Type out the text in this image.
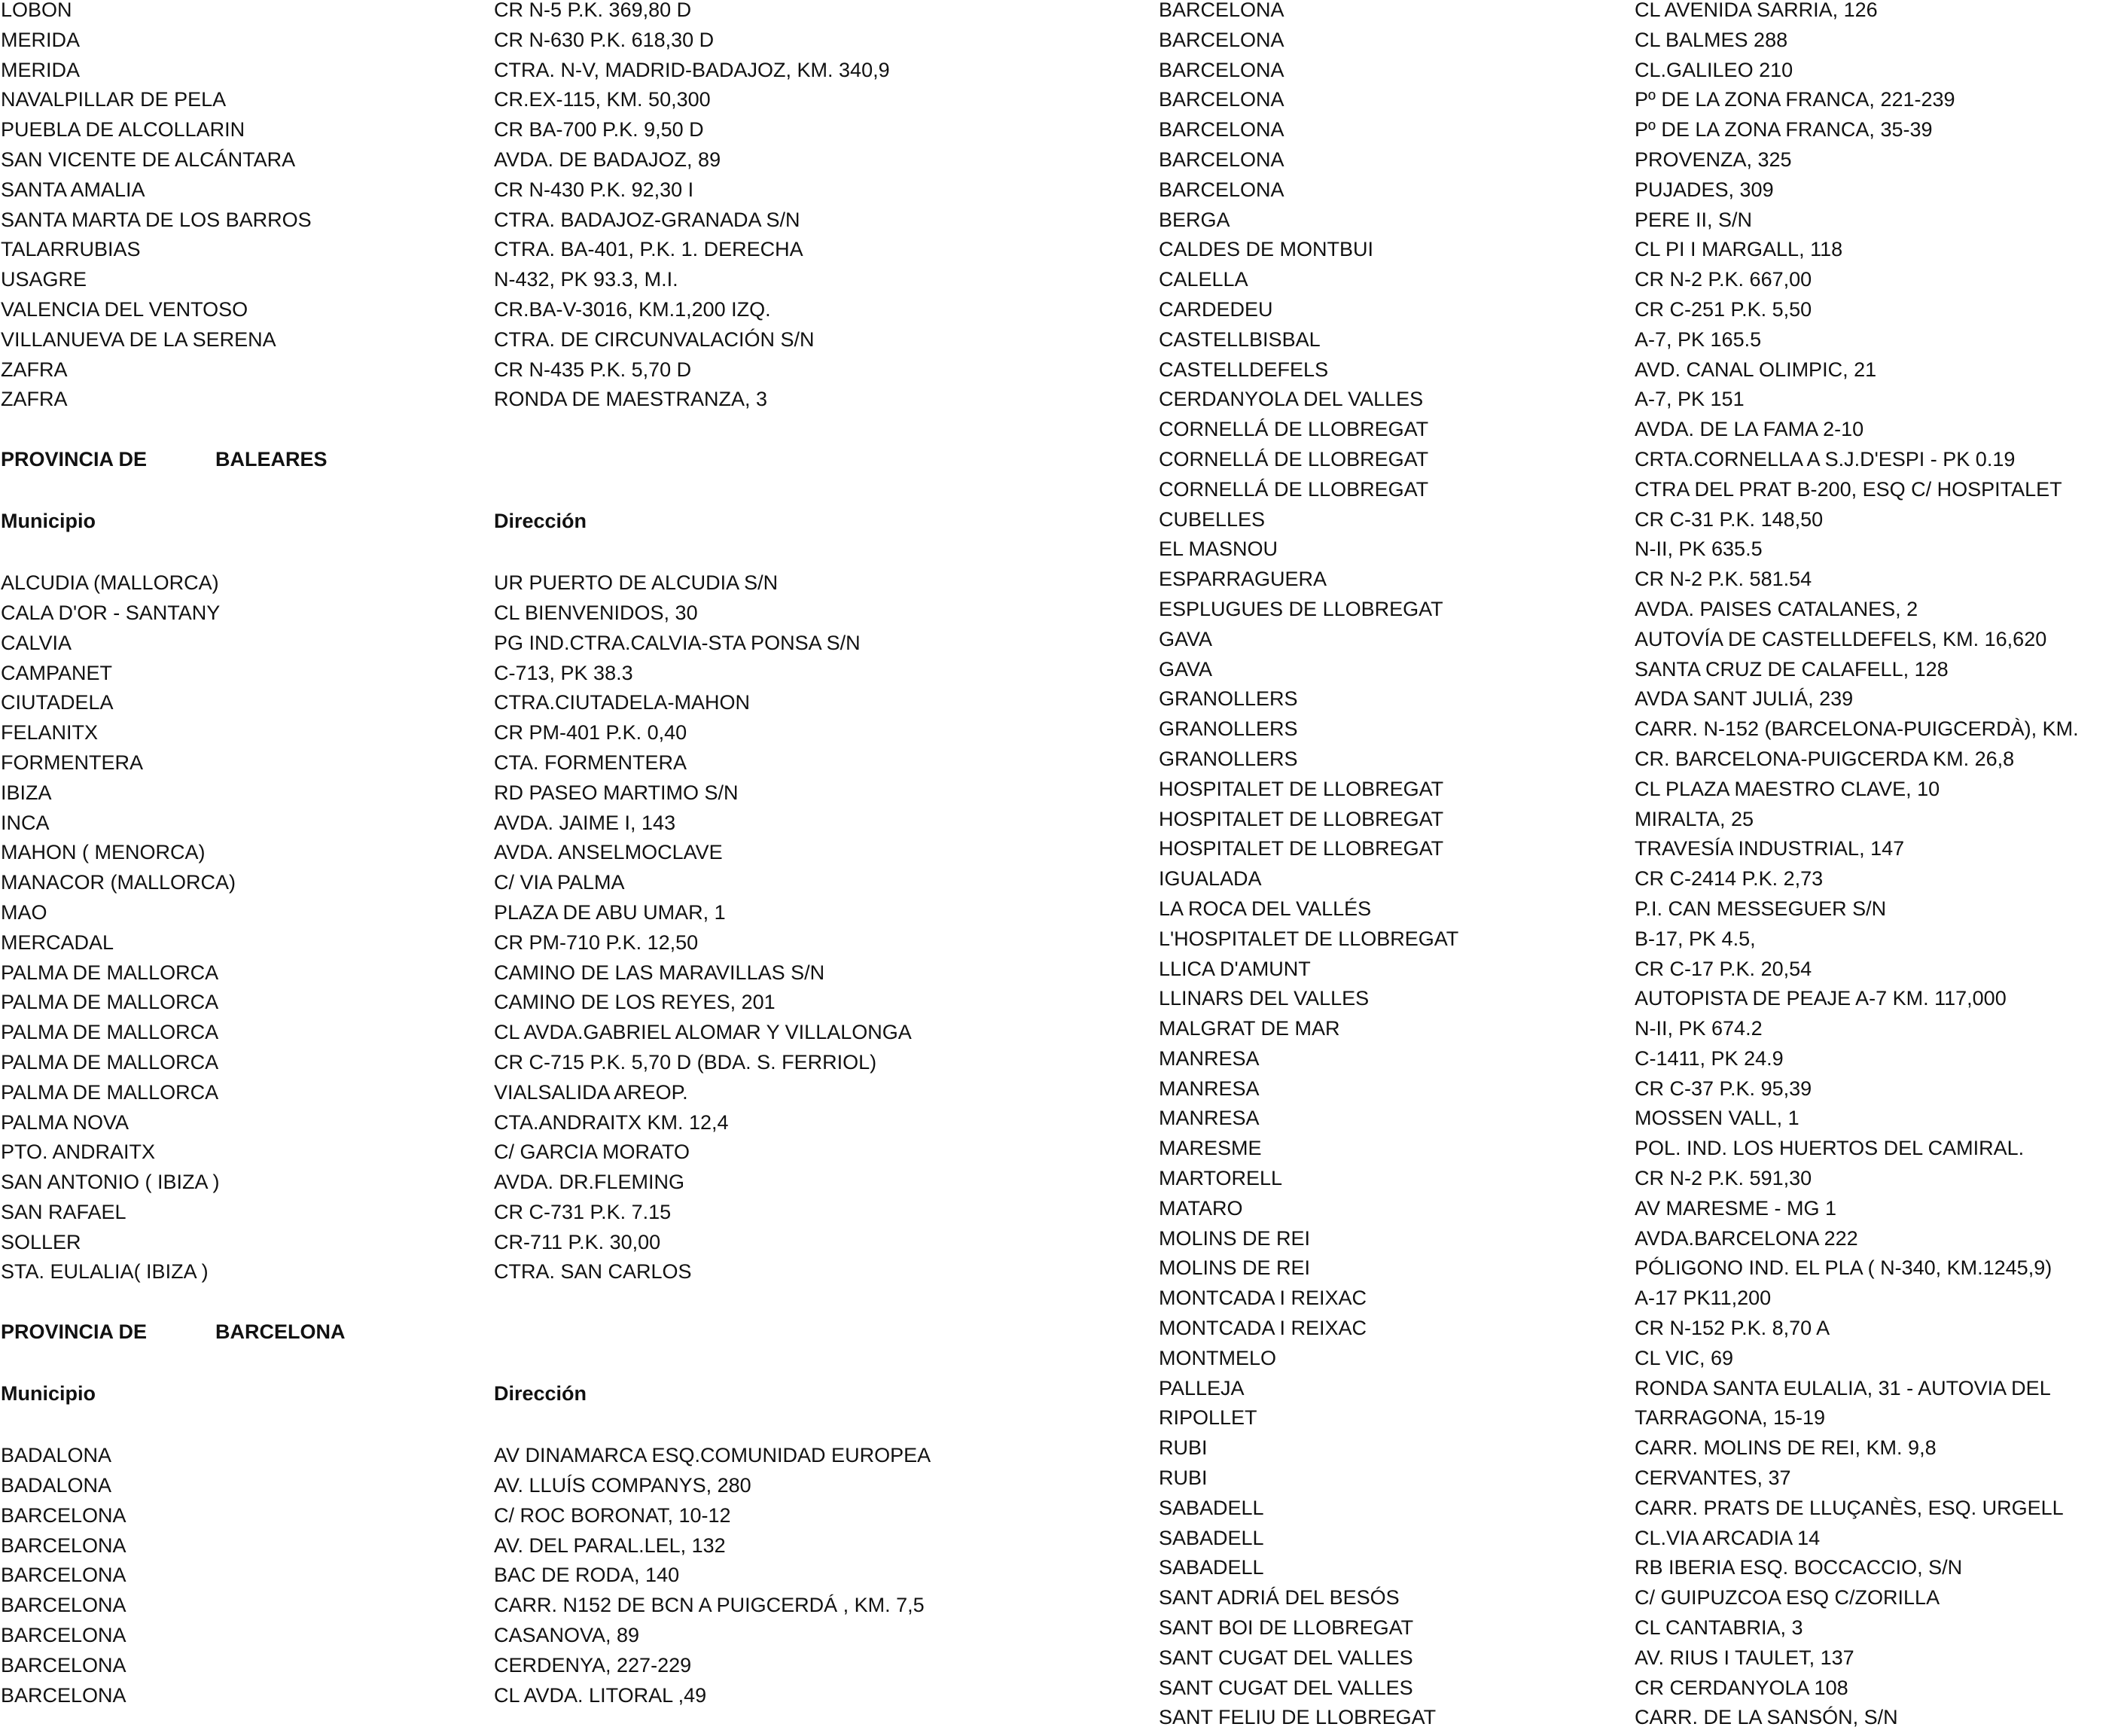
LOBON	CR N-5 P.K. 369,80 D
MERIDA	CR N-630 P.K. 618,30 D
MERIDA	CTRA. N-V, MADRID-BADAJOZ, KM. 340,9
NAVALPILLAR DE PELA	CR.EX-115, KM. 50,300
PUEBLA DE ALCOLLARIN	CR BA-700 P.K. 9,50 D
SAN VICENTE DE ALCÁNTARA	AVDA. DE BADAJOZ, 89
SANTA AMALIA	CR N-430 P.K. 92,30 I
SANTA MARTA DE LOS BARROS	CTRA. BADAJOZ-GRANADA S/N
TALARRUBIAS	CTRA. BA-401, P.K. 1. DERECHA
USAGRE	N-432, PK 93.3, M.I.
VALENCIA DEL VENTOSO	CR.BA-V-3016, KM.1,200 IZQ.
VILLANUEVA DE LA SERENA	CTRA. DE CIRCUNVALACIÓN S/N
ZAFRA	CR N-435 P.K. 5,70 D
ZAFRA	RONDA DE MAESTRANZA, 3
PROVINCIA DE	BALEARES
Municipio	Dirección
ALCUDIA (MALLORCA)	UR PUERTO DE ALCUDIA S/N
CALA D'OR - SANTANY	CL BIENVENIDOS, 30
CALVIA	PG IND.CTRA.CALVIA-STA PONSA S/N
CAMPANET	C-713, PK 38.3
CIUTADELA	CTRA.CIUTADELA-MAHON
FELANITX	CR PM-401 P.K. 0,40
FORMENTERA	CTA. FORMENTERA
IBIZA	RD PASEO MARTIMO S/N
INCA	AVDA. JAIME I, 143
MAHON ( MENORCA)	AVDA. ANSELMOCLAVE
MANACOR (MALLORCA)	C/ VIA PALMA
MAO	PLAZA DE ABU UMAR, 1
MERCADAL	CR PM-710 P.K. 12,50
PALMA DE MALLORCA	CAMINO DE LAS MARAVILLAS S/N
PALMA DE MALLORCA	CAMINO DE LOS REYES, 201
PALMA DE MALLORCA	CL AVDA.GABRIEL ALOMAR Y VILLALONGA
PALMA DE MALLORCA	CR C-715 P.K. 5,70 D (BDA. S. FERRIOL)
PALMA DE MALLORCA	VIALSALIDA AREOP.
PALMA NOVA	CTA.ANDRAITX KM. 12,4
PTO. ANDRAITX	C/ GARCIA MORATO
SAN ANTONIO ( IBIZA )	AVDA. DR.FLEMING
SAN RAFAEL	CR C-731 P.K. 7.15
SOLLER	CR-711 P.K. 30,00
STA. EULALIA( IBIZA )	CTRA. SAN CARLOS
PROVINCIA DE	BARCELONA
Municipio	Dirección
BADALONA	AV DINAMARCA ESQ.COMUNIDAD EUROPEA
BADALONA	AV. LLUÍS COMPANYS, 280
BARCELONA	C/ ROC BORONAT, 10-12
BARCELONA	AV. DEL PARAL.LEL, 132
BARCELONA	BAC DE RODA, 140
BARCELONA	CARR. N152 DE BCN A PUIGCERDÁ , KM. 7,5
BARCELONA	CASANOVA, 89
BARCELONA	CERDENYA, 227-229
BARCELONA	CL AVDA. LITORAL ,49
BARCELONA	CL AVENIDA SARRIA, 126
BARCELONA	CL BALMES 288
BARCELONA	CL.GALILEO 210
BARCELONA	Pº DE LA ZONA FRANCA, 221-239
BARCELONA	Pº DE LA ZONA FRANCA, 35-39
BARCELONA	PROVENZA, 325
BARCELONA	PUJADES, 309
BERGA	PERE II, S/N
CALDES DE MONTBUI	CL PI I MARGALL, 118
CALELLA	CR N-2 P.K. 667,00
CARDEDEU	CR C-251 P.K. 5,50
CASTELLBISBAL	A-7, PK 165.5
CASTELLDEFELS	AVD. CANAL OLIMPIC, 21
CERDANYOLA DEL VALLES	A-7, PK 151
CORNELLÁ DE LLOBREGAT	AVDA. DE LA FAMA 2-10
CORNELLÁ DE LLOBREGAT	CRTA.CORNELLA A S.J.D'ESPI - PK 0.19
CORNELLÁ DE LLOBREGAT	CTRA DEL PRAT B-200, ESQ C/ HOSPITALET
CUBELLES	CR C-31 P.K. 148,50
EL MASNOU	N-II, PK 635.5
ESPARRAGUERA	CR N-2 P.K. 581.54
ESPLUGUES DE LLOBREGAT	AVDA. PAISES CATALANES, 2
GAVA	AUTOVÍA DE CASTELLDEFELS, KM. 16,620
GAVA	SANTA CRUZ DE CALAFELL, 128
GRANOLLERS	AVDA SANT JULIÁ, 239
GRANOLLERS	CARR. N-152 (BARCELONA-PUIGCERDÀ), KM.
GRANOLLERS	CR. BARCELONA-PUIGCERDA KM. 26,8
HOSPITALET DE LLOBREGAT	CL PLAZA MAESTRO CLAVE, 10
HOSPITALET DE LLOBREGAT	MIRALTA, 25
HOSPITALET DE LLOBREGAT	TRAVESÍA INDUSTRIAL, 147
IGUALADA	CR C-2414 P.K. 2,73
LA ROCA DEL VALLÉS	P.I. CAN MESSEGUER S/N
L'HOSPITALET DE LLOBREGAT	B-17, PK 4.5,
LLICA D'AMUNT	CR C-17 P.K. 20,54
LLINARS DEL VALLES	AUTOPISTA DE PEAJE A-7 KM. 117,000
MALGRAT DE MAR	N-II, PK 674.2
MANRESA	C-1411, PK 24.9
MANRESA	CR C-37 P.K. 95,39
MANRESA	MOSSEN VALL, 1
MARESME	POL. IND. LOS HUERTOS DEL CAMIRAL.
MARTORELL	CR N-2 P.K. 591,30
MATARO	AV MARESME - MG 1
MOLINS DE REI	AVDA.BARCELONA 222
MOLINS DE REI	PÓLIGONO IND. EL PLA ( N-340, KM.1245,9)
MONTCADA I REIXAC	A-17 PK11,200
MONTCADA I REIXAC	CR N-152 P.K. 8,70 A
MONTMELO	CL VIC, 69
PALLEJA	RONDA SANTA EULALIA, 31 - AUTOVIA DEL
RIPOLLET	TARRAGONA, 15-19
RUBI	CARR. MOLINS DE REI, KM. 9,8
RUBI	CERVANTES, 37
SABADELL	CARR. PRATS DE LLUÇANÈS, ESQ. URGELL
SABADELL	CL.VIA ARCADIA 14
SABADELL	RB IBERIA ESQ. BOCCACCIO, S/N
SANT ADRIÁ DEL BESÓS	C/ GUIPUZCOA ESQ C/ZORILLA
SANT BOI DE LLOBREGAT	CL CANTABRIA, 3
SANT CUGAT DEL VALLES	AV. RIUS I TAULET, 137
SANT CUGAT DEL VALLES	CR CERDANYOLA 108
SANT FELIU DE LLOBREGAT	CARR. DE LA SANSÓN, S/N
